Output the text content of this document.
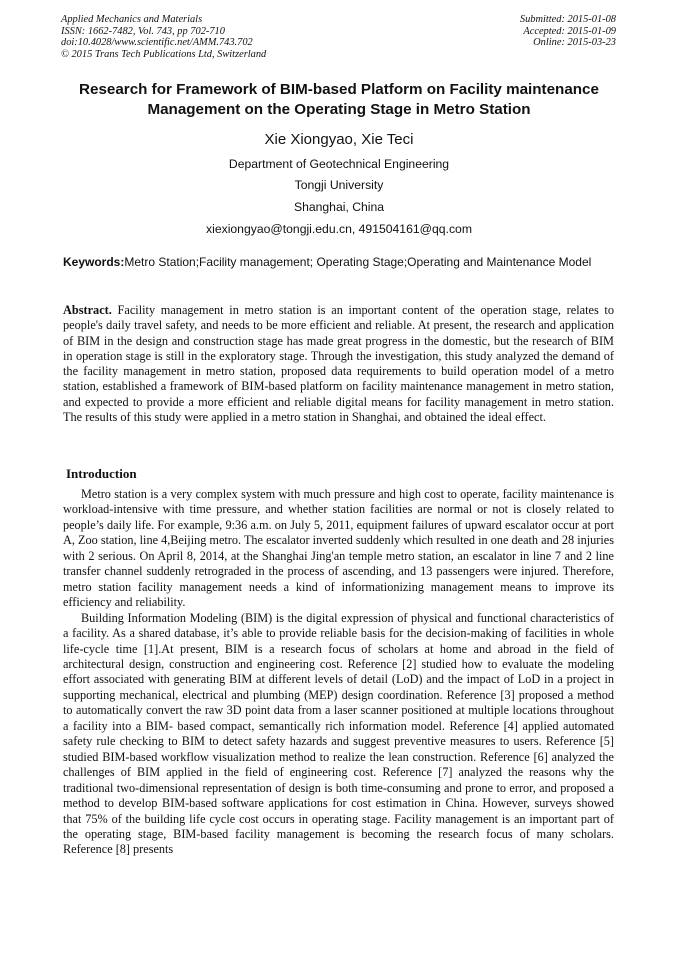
Applied Mechanics and Materials
ISSN: 1662-7482, Vol. 743, pp 702-710
doi:10.4028/www.scientific.net/AMM.743.702
© 2015 Trans Tech Publications Ltd, Switzerland
Submitted: 2015-01-08
Accepted: 2015-01-09
Online: 2015-03-23
Research for Framework of BIM-based Platform on Facility maintenance Management on the Operating Stage in Metro Station
Xie Xiongyao, Xie Teci
Department of Geotechnical Engineering
Tongji University
Shanghai, China
xiexiongyao@tongji.edu.cn, 491504161@qq.com
Keywords:Metro Station;Facility management; Operating Stage;Operating and Maintenance Model
Abstract. Facility management in metro station is an important content of the operation stage, relates to people's daily travel safety, and needs to be more efficient and reliable. At present, the research and application of BIM in the design and construction stage has made great progress in the domestic, but the research of BIM in operation stage is still in the exploratory stage. Through the investigation, this study analyzed the demand of the facility management in metro station, proposed data requirements to build operation model of a metro station, established a framework of BIM-based platform on facility maintenance management in metro station, and expected to provide a more efficient and reliable digital means for facility management in metro station. The results of this study were applied in a metro station in Shanghai, and obtained the ideal effect.
Introduction

Metro station is a very complex system with much pressure and high cost to operate, facility maintenance is workload-intensive with time pressure, and whether station facilities are normal or not is closely related to people’s daily life. For example, 9:36 a.m. on July 5, 2011, equipment failures of upward escalator occur at port A, Zoo station, line 4,Beijing metro. The escalator inverted suddenly which resulted in one death and 28 injuries with 2 serious. On April 8, 2014, at the Shanghai Jing'an temple metro station, an escalator in line 7 and 2 line transfer channel suddenly retrograded in the process of ascending, and 13 passengers were injured. Therefore, metro station facility management needs a kind of informationizing management means to improve its efficiency and reliability.

Building Information Modeling (BIM) is the digital expression of physical and functional characteristics of a facility. As a shared database, it’s able to provide reliable basis for the decision-making of facilities in whole life-cycle time [1].At present, BIM is a research focus of scholars at home and abroad in the field of architectural design, construction and engineering cost. Reference [2] studied how to evaluate the modeling effort associated with generating BIM at different levels of detail (LoD) and the impact of LoD in a project in supporting mechanical, electrical and plumbing (MEP) design coordination. Reference [3] proposed a method to automatically convert the raw 3D point data from a laser scanner positioned at multiple locations throughout a facility into a BIM- based compact, semantically rich information model. Reference [4] applied automated safety rule checking to BIM to detect safety hazards and suggest preventive measures to users. Reference [5] studied BIM-based workflow visualization method to realize the lean construction. Reference [6] analyzed the challenges of BIM applied in the field of engineering cost. Reference [7] analyzed the reasons why the traditional two-dimensional representation of design is both time-consuming and prone to error, and proposed a method to develop BIM-based software applications for cost estimation in China. However, surveys showed that 75% of the building life cycle cost occurs in operating stage. Facility management is an important part of the operating stage, BIM-based facility management is becoming the research focus of many scholars. Reference [8] presents
